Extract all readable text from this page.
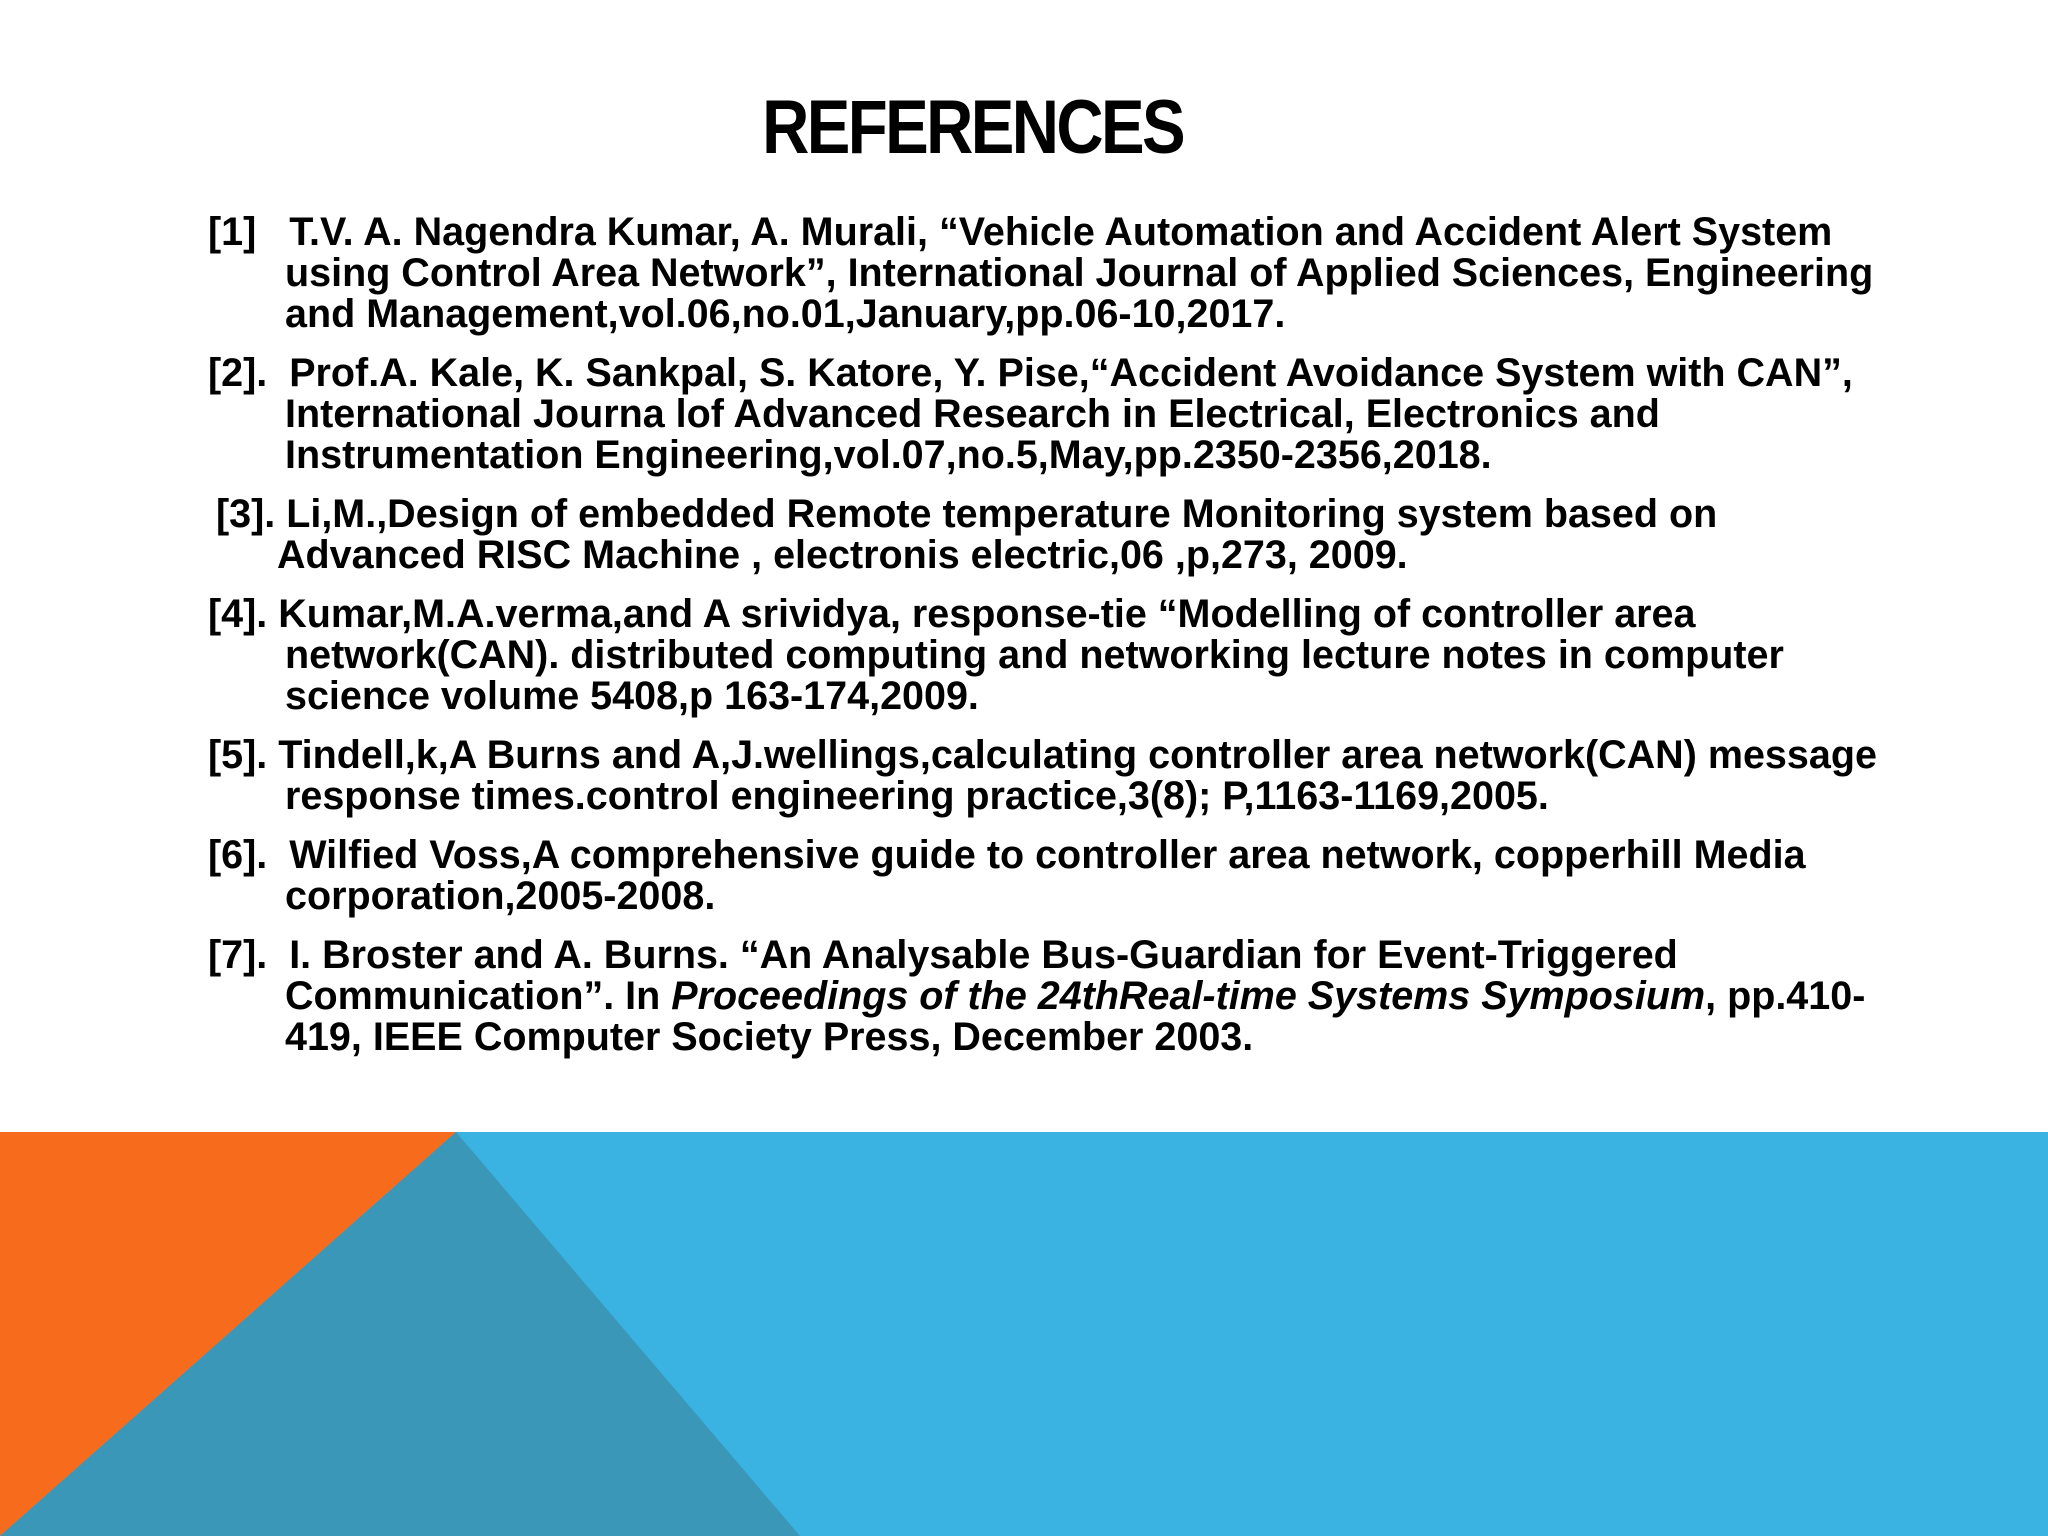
REFERENCES
[1] T.V. A. Nagendra Kumar, A. Murali, “Vehicle Automation and Accident Alert System using Control Area Network”, International Journal of Applied Sciences, Engineering and Management,vol.06,no.01,January,pp.06-10,2017.
[2]. Prof.A. Kale, K. Sankpal, S. Katore, Y. Pise,“Accident Avoidance System with CAN”, International Journa lof Advanced Research in Electrical, Electronics and Instrumentation Engineering,vol.07,no.5,May,pp.2350-2356,2018.
[3]. Li,M.,Design of embedded Remote temperature Monitoring system based on Advanced RISC Machine , electronis electric,06 ,p,273, 2009.
[4]. Kumar,M.A.verma,and A srividya, response-tie “Modelling of controller area network(CAN). distributed computing and networking lecture notes in computer science volume 5408,p 163-174,2009.
[5]. Tindell,k,A Burns and A,J.wellings,calculating controller area network(CAN) message response times.control engineering practice,3(8); P,1163-1169,2005.
[6]. Wilfied Voss,A comprehensive guide to controller area network, copperhill Media corporation,2005-2008.
[7]. I. Broster and A. Burns. “An Analysable Bus-Guardian for Event-Triggered Communication”. In Proceedings of the 24thReal-time Systems Symposium, pp.410-419, IEEE Computer Society Press, December 2003.
